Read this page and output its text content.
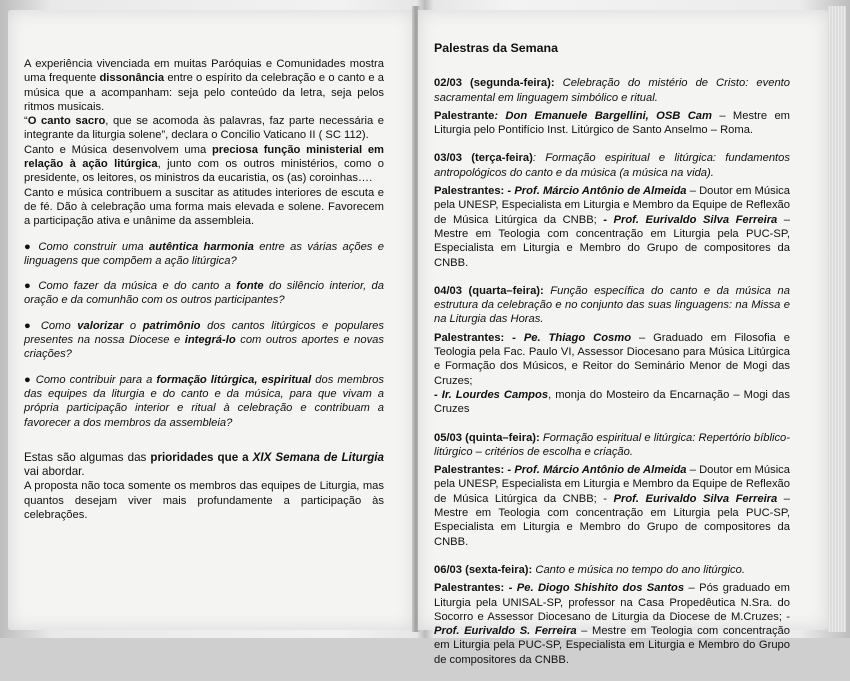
A experiência vivenciada em muitas Paróquias e Comunidades mostra uma frequente dissonância entre o espírito da celebração e o canto e a música que a acompanham: seja pelo conteúdo da letra, seja pelos ritmos musicais.

“O canto sacro, que se acomoda às palavras, faz parte necessária e integrante da liturgia solene”, declara o Concilio Vaticano II ( SC 112).

Canto e Música desenvolvem uma preciosa função ministerial em relação à ação litúrgica, junto com os outros ministérios, como o presidente, os leitores, os ministros da eucaristia, os (as) coroinhas….

Canto e música contribuem a suscitar as atitudes interiores de escuta e de fé. Dão à celebração uma forma mais elevada e solene. Favorecem a participação ativa e unânime da assembleia.

● Como construir uma autêntica harmonia entre as várias ações e linguagens que compõem a ação litúrgica?

● Como fazer da música e do canto a fonte do silêncio interior, da oração e da comunhão com os outros participantes?

● Como valorizar o patrimônio dos cantos litúrgicos e populares presentes na nossa Diocese e integrá-lo com outros aportes e novas criações?

● Como contribuir para a formação litúrgica, espiritual dos membros das equipes da liturgia e do canto e da música, para que vivam a própria participação interior e ritual à celebração e contribuam a favorecer a dos membros da assembleia?

Estas são algumas das prioridades que a XIX Semana de Liturgia vai abordar.

A proposta não toca somente os membros das equipes de Liturgia, mas quantos desejam viver mais profundamente a participação às celebrações.

Palestras da Semana

02/03 (segunda-feira): Celebração do mistério de Cristo: evento sacramental em linguagem simbólico e ritual.

Palestrante: Don Emanuele Bargellini, OSB Cam – Mestre em Liturgia pelo Pontifício Inst. Litúrgico de Santo Anselmo – Roma.

03/03 (terça-feira): Formação espiritual e litúrgica: fundamentos antropológicos do canto e da música (a música na vida).

Palestrantes: - Prof. Márcio Antônio de Almeida – Doutor em Música pela UNESP, Especialista em Liturgia e Membro da Equipe de Reflexão de Música Litúrgica da CNBB; - Prof. Eurivaldo Silva Ferreira – Mestre em Teologia com concentração em Liturgia pela PUC-SP, Especialista em Liturgia e Membro do Grupo de compositores da CNBB.

04/03 (quarta–feira): Função específica do canto e da música na estrutura da celebração e no conjunto das suas linguagens: na Missa e na Liturgia das Horas.

Palestrantes: - Pe. Thiago Cosmo – Graduado em Filosofia e Teologia pela Fac. Paulo VI, Assessor Diocesano para Música Litúrgica e Formação dos Músicos, e Reitor do Seminário Menor de Mogi das Cruzes;
- Ir. Lourdes Campos, monja do Mosteiro da Encarnação – Mogi das Cruzes

05/03 (quinta–feira): Formação espiritual e litúrgica: Repertório bíblico-litúrgico – critérios de escolha e criação.

Palestrantes: - Prof. Márcio Antônio de Almeida – Doutor em Música pela UNESP, Especialista em Liturgia e Membro da Equipe de Reflexão de Música Litúrgica da CNBB; - Prof. Eurivaldo Silva Ferreira – Mestre em Teologia com concentração em Liturgia pela PUC-SP, Especialista em Liturgia e Membro do Grupo de compositores da CNBB.

06/03 (sexta-feira): Canto e música no tempo do ano litúrgico.

Palestrantes: - Pe. Diogo Shishito dos Santos – Pós graduado em Liturgia pela UNISAL-SP, professor na Casa Propedêutica N.Sra. do Socorro e Assessor Diocesano de Liturgia da Diocese de M.Cruzes; - Prof. Eurivaldo S. Ferreira – Mestre em Teologia com concentração em Liturgia pela PUC-SP, Especialista em Liturgia e Membro do Grupo de compositores da CNBB.
